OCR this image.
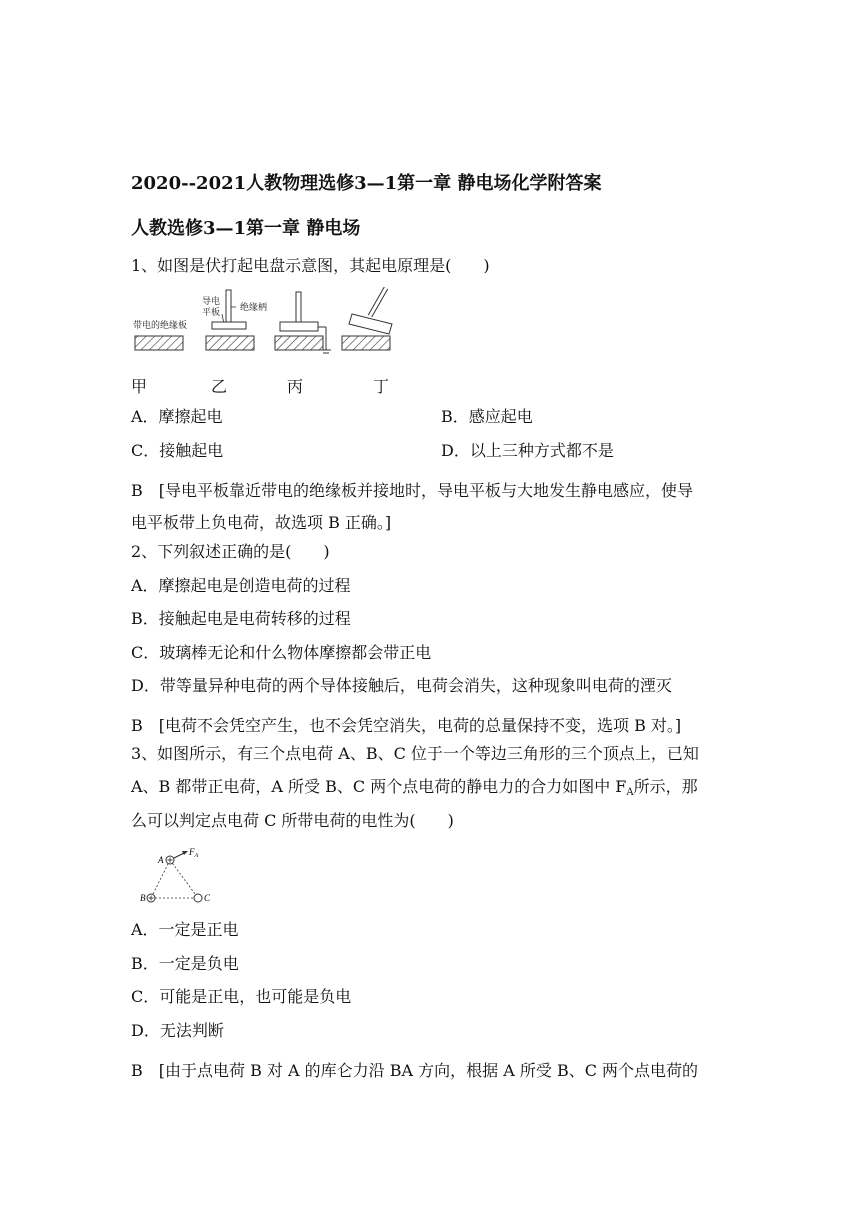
2020--2021人教物理选修3—1第一章 静电场化学附答案
人教选修3—1第一章 静电场
1、如图是伏打起电盘示意图，其起电原理是(　　)
带电的绝缘板
导电
平板 绝缘柄
甲	乙	丙	丁
A．摩擦起电	B．感应起电
C．接触起电	D．以上三种方式都不是
B　[导电平板靠近带电的绝缘板并接地时，导电平板与大地发生静电感应，使导
电平板带上负电荷，故选项 B 正确。]
2、下列叙述正确的是(　　)
A．摩擦起电是创造电荷的过程
B．接触起电是电荷转移的过程
C．玻璃棒无论和什么物体摩擦都会带正电
D．带等量异种电荷的两个导体接触后，电荷会消失，这种现象叫电荷的湮灭
B　[电荷不会凭空产生，也不会凭空消失，电荷的总量保持不变，选项 B 对。]
3、如图所示，有三个点电荷 A、B、C 位于一个等边三角形的三个顶点上，已知
A、B 都带正电荷，A 所受 B、C 两个点电荷的静电力的合力如图中 $F_A$所示，那
么可以判定点电荷 C 所带电荷的电性为(　　)
A
B	C
$F_A$
A．一定是正电
B．一定是负电
C．可能是正电，也可能是负电
D．无法判断
B　[由于点电荷 B 对 A 的库仑力沿 BA 方向，根据 A 所受 B、C 两个点电荷的
